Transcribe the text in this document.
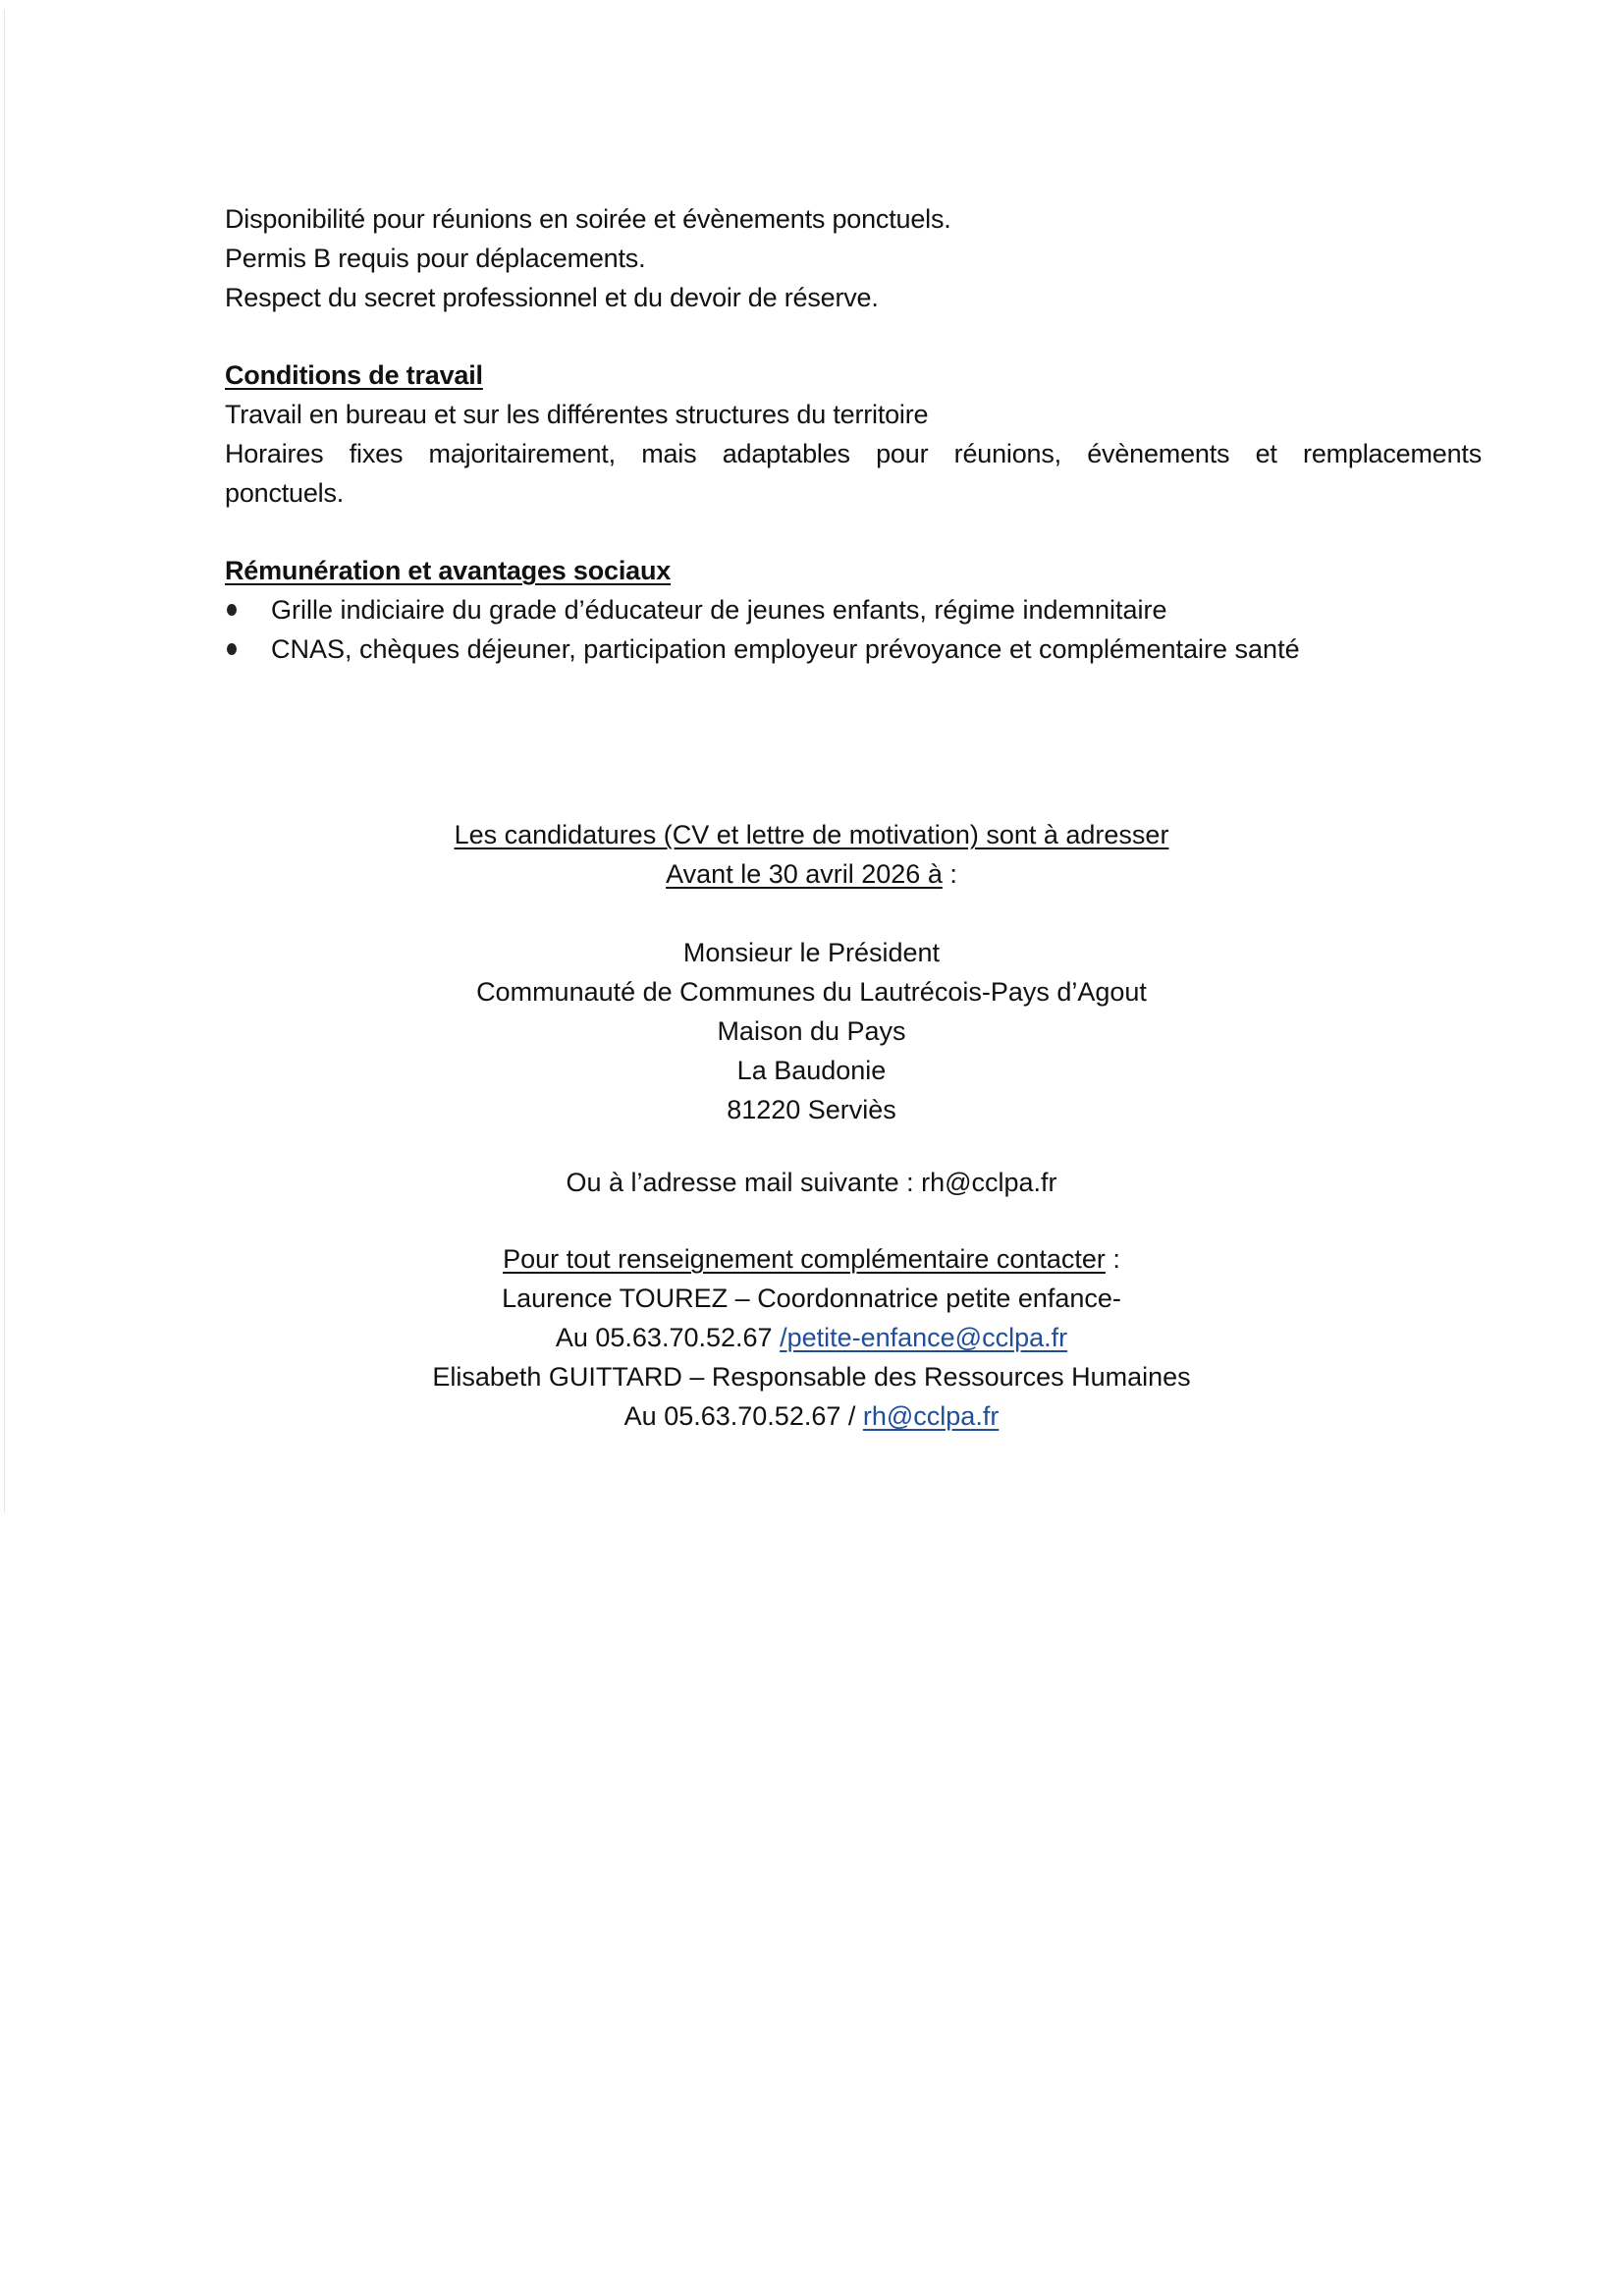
Disponibilité pour réunions en soirée et évènements ponctuels.
Permis B requis pour déplacements.
Respect du secret professionnel et du devoir de réserve.
Conditions de travail
Travail en bureau et sur les différentes structures du territoire
Horaires fixes majoritairement, mais adaptables pour réunions, évènements et remplacements
ponctuels.
Rémunération et avantages sociaux
Grille indiciaire du grade d’éducateur de jeunes enfants, régime indemnitaire
CNAS, chèques déjeuner, participation employeur prévoyance et complémentaire santé
Les candidatures (CV et lettre de motivation) sont à adresser
Avant le 30 avril 2026 à :
Monsieur le Président
Communauté de Communes du Lautrécois-Pays d’Agout
Maison du Pays
La Baudonie
81220 Serviès
Ou à l’adresse mail suivante : rh@cclpa.fr
Pour tout renseignement complémentaire contacter :
Laurence TOUREZ – Coordonnatrice petite enfance-
Au 05.63.70.52.67 /petite-enfance@cclpa.fr
Elisabeth GUITTARD – Responsable des Ressources Humaines
Au 05.63.70.52.67 / rh@cclpa.fr
